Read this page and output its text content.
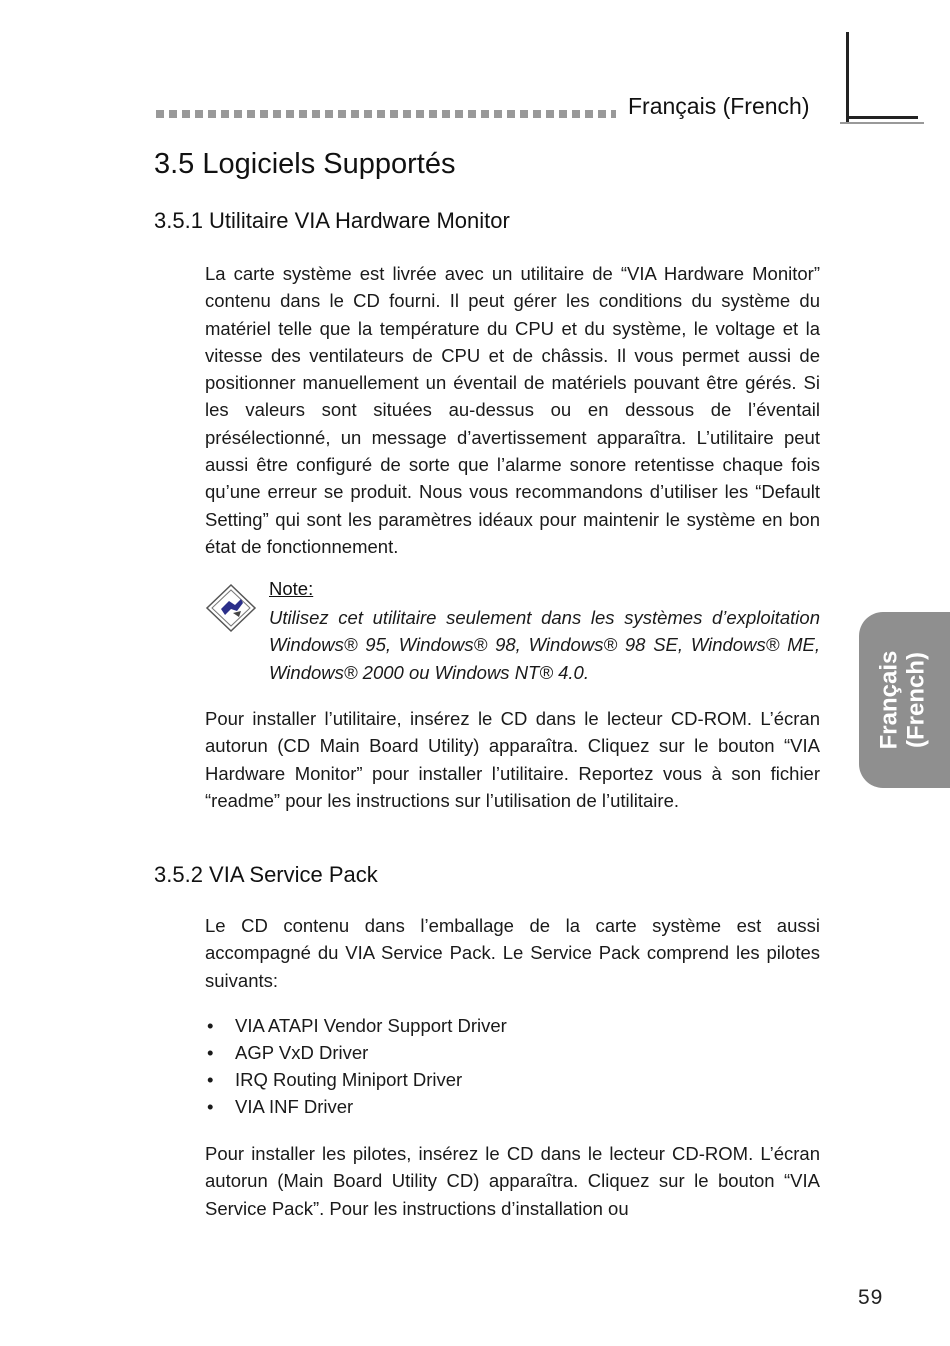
Français (French)
3.5 Logiciels Supportés
3.5.1 Utilitaire VIA Hardware Monitor

La carte système est livrée avec un utilitaire de “VIA Hardware Monitor” contenu dans le CD fourni. Il peut gérer les conditions du système du matériel telle que la température du CPU et du système, le voltage et la vitesse des ventilateurs de CPU et de châssis. Il vous permet aussi de positionner manuellement un éventail de matériels pouvant être gérés. Si les valeurs sont situées au-dessus ou en dessous de l’éventail présélectionné, un message d’avertissement apparaîtra. L’utilitaire peut aussi être configuré de sorte que l’alarme sonore retentisse chaque fois qu’une erreur se produit. Nous vous recommandons d’utiliser les “Default Setting” qui sont les paramètres idéaux pour maintenir le système en bon état de fonctionnement.

Note:

Utilisez cet utilitaire seulement dans les systèmes d’exploitation Windows® 95, Windows® 98, Windows® 98 SE, Windows® ME, Windows® 2000 ou Windows NT® 4.0.

Pour installer l’utilitaire, insérez le CD dans le lecteur CD-ROM. L’écran autorun (CD Main Board Utility) apparaîtra. Cliquez sur le bouton “VIA Hardware Monitor” pour installer l’utilitaire. Reportez vous à son fichier “readme” pour les instructions sur l’utilisation de l’utilitaire.

3.5.2 VIA Service Pack

Le CD contenu dans l’emballage de la carte système est aussi accompagné du VIA Service Pack. Le Service Pack comprend les pilotes suivants:

• VIA ATAPI Vendor Support Driver
• AGP VxD Driver
• IRQ Routing Miniport Driver
• VIA INF Driver

Pour installer les pilotes, insérez le CD dans le lecteur CD-ROM. L’écran autorun (Main Board Utility CD) apparaîtra. Cliquez sur le bouton “VIA Service Pack”. Pour les instructions d’installation ou

Français (French)
59
